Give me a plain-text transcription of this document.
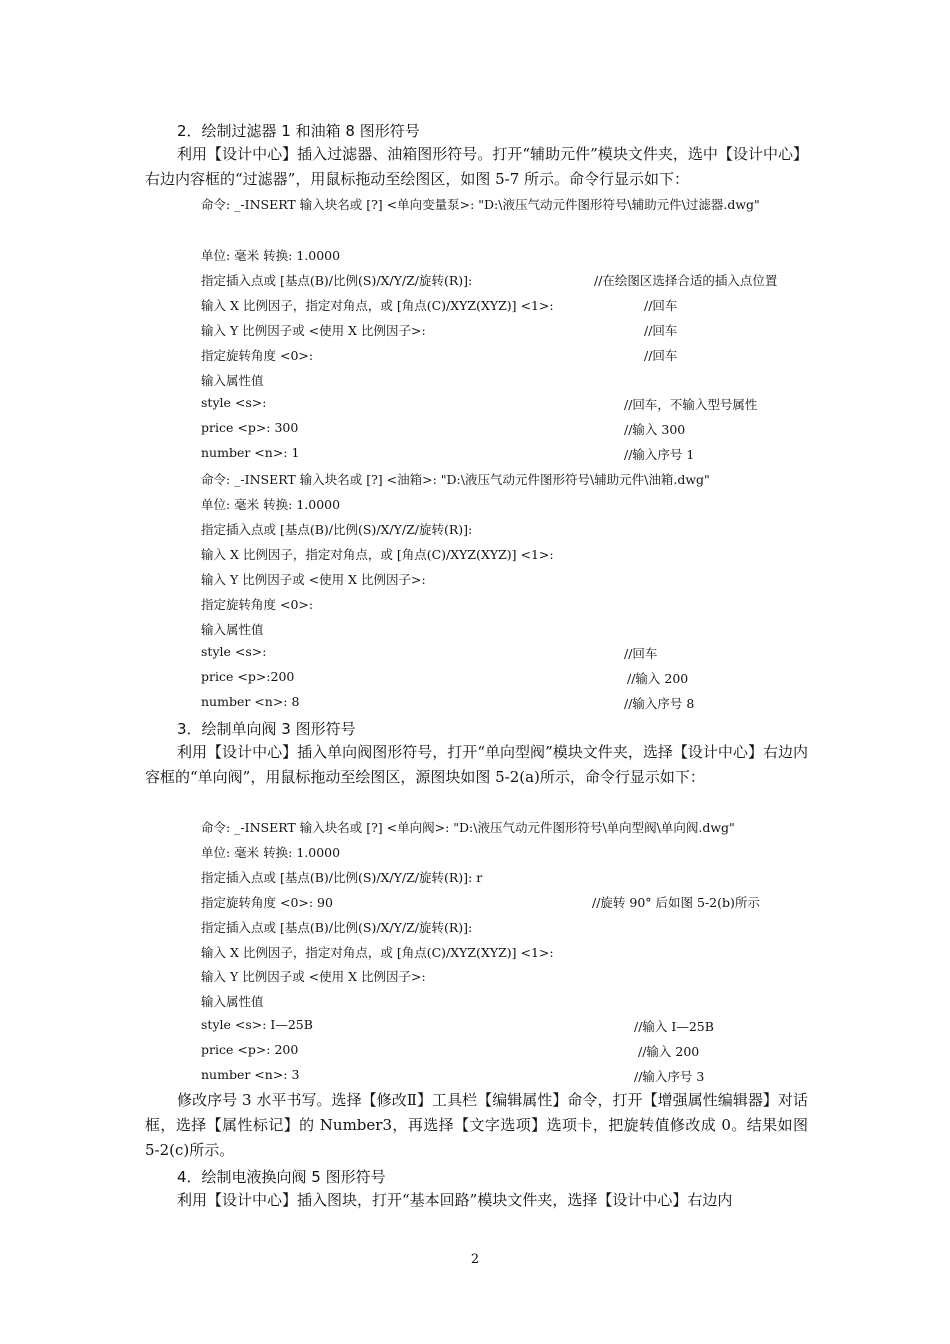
2．绘制过滤器 1 和油箱 8 图形符号
利用【设计中心】插入过滤器、油箱图形符号。打开“辅助元件”模块文件夹，选中【设计中心】右边内容框的“过滤器”，用鼠标拖动至绘图区，如图 5-7 所示。命令行显示如下：
命令: _-INSERT 输入块名或 [?] <单向变量泵>: "D:\液压气动元件图形符号\辅助元件\过滤器.dwg"
单位: 毫米 转换: 1.0000
指定插入点或 [基点(B)/比例(S)/X/Y/Z/旋转(R)]:	//在绘图区选择合适的插入点位置
输入 X 比例因子，指定对角点，或 [角点(C)/XYZ(XYZ)] <1>:	//回车
输入 Y 比例因子或 <使用 X 比例因子>:	//回车
指定旋转角度 <0>:	//回车
输入属性值
style <s>:	//回车，不输入型号属性
price <p>: 300	//输入 300
number <n>: 1	//输入序号 1
命令: _-INSERT 输入块名或 [?] <油箱>: "D:\液压气动元件图形符号\辅助元件\油箱.dwg"
单位: 毫米 转换: 1.0000
指定插入点或 [基点(B)/比例(S)/X/Y/Z/旋转(R)]:
输入 X 比例因子，指定对角点，或 [角点(C)/XYZ(XYZ)] <1>:
输入 Y 比例因子或 <使用 X 比例因子>:
指定旋转角度 <0>:
输入属性值
style <s>:	//回车
price <p>:200	//输入 200
number <n>: 8	//输入序号 8
3．绘制单向阀 3 图形符号
利用【设计中心】插入单向阀图形符号，打开“单向型阀”模块文件夹，选择【设计中心】右边内容框的“单向阀”，用鼠标拖动至绘图区，源图块如图 5-2(a)所示，命令行显示如下：
命令: _-INSERT 输入块名或 [?] <单向阀>: "D:\液压气动元件图形符号\单向型阀\单向阀.dwg"
单位: 毫米 转换: 1.0000
指定插入点或 [基点(B)/比例(S)/X/Y/Z/旋转(R)]: r
指定旋转角度 <0>: 90	//旋转 90° 后如图 5-2(b)所示
指定插入点或 [基点(B)/比例(S)/X/Y/Z/旋转(R)]:
输入 X 比例因子，指定对角点，或 [角点(C)/XYZ(XYZ)] <1>:
输入 Y 比例因子或 <使用 X 比例因子>:
输入属性值
style <s>: I—25B	//输入 I—25B
price <p>: 200	//输入 200
number <n>: 3	//输入序号 3
修改序号 3 水平书写。选择【修改Ⅱ】工具栏【编辑属性】命令，打开【增强属性编辑器】对话框，选择【属性标记】的 Number3，再选择【文字选项】选项卡，把旋转值修改成 0。结果如图 5-2(c)所示。
4．绘制电液换向阀 5 图形符号
利用【设计中心】插入图块，打开“基本回路”模块文件夹，选择【设计中心】右边内
2
